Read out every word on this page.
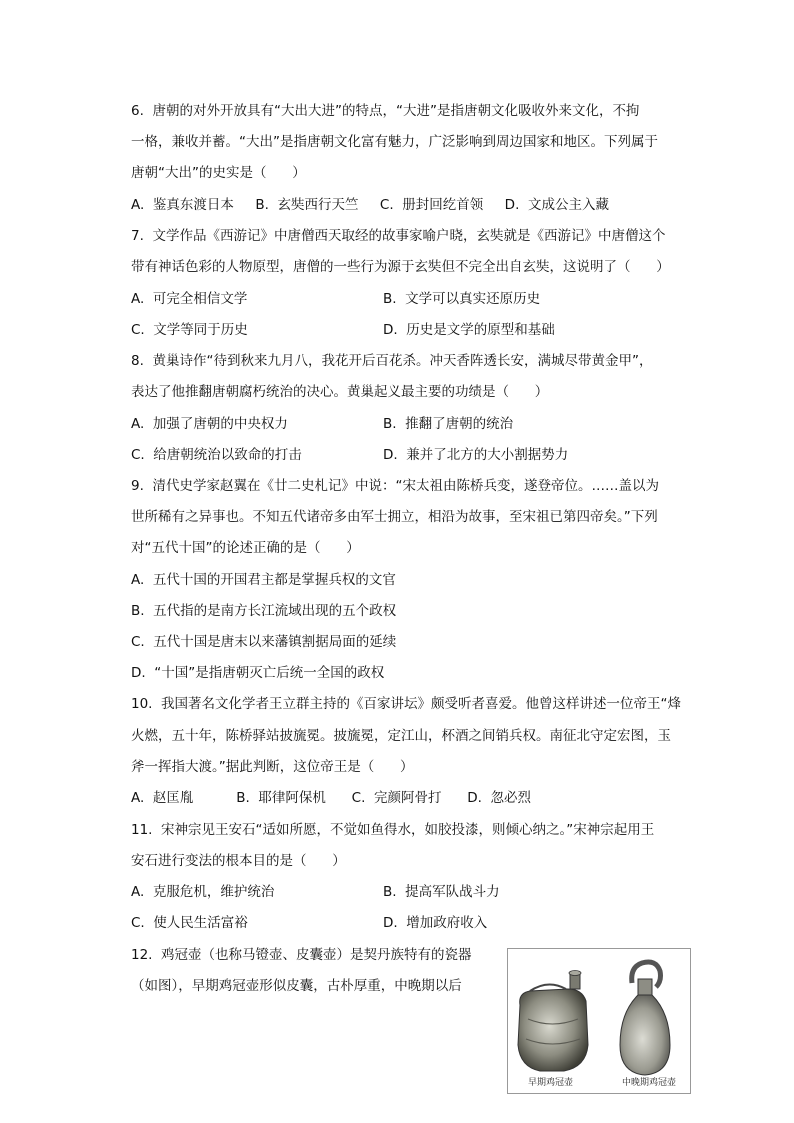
6.  唐朝的对外开放具有“大出大进”的特点，“大进”是指唐朝文化吸收外来文化，不拘
一格，兼收并蓄。“大出”是指唐朝文化富有魅力，广泛影响到周边国家和地区。下列属于
唐朝“大出”的史实是（      ）
A.  鉴真东渡日本     B.  玄奘西行天竺     C.  册封回纥首领     D.  文成公主入藏
7.  文学作品《西游记》中唐僧西天取经的故事家喻户晓，玄奘就是《西游记》中唐僧这个
带有神话色彩的人物原型，唐僧的一些行为源于玄奘但不完全出自玄奘，这说明了（      ）
A.  可完全相信文学	B.  文学可以真实还原历史
C.  文学等同于历史	D.  历史是文学的原型和基础
8.  黄巢诗作“待到秋来九月八，我花开后百花杀。冲天香阵透长安，满城尽带黄金甲”，
表达了他推翻唐朝腐朽统治的决心。黄巢起义最主要的功绩是（      ）
A.  加强了唐朝的中央权力	B.  推翻了唐朝的统治
C.  给唐朝统治以致命的打击	D.  兼并了北方的大小割据势力
9.  清代史学家赵翼在《廿二史札记》中说：“宋太祖由陈桥兵变，遂登帝位。……盖以为
世所稀有之异事也。不知五代诸帝多由军士拥立，相沿为故事，至宋祖已第四帝矣。”下列
对“五代十国”的论述正确的是（      ）
A.  五代十国的开国君主都是掌握兵权的文官
B.  五代指的是南方长江流域出现的五个政权
C.  五代十国是唐末以来藩镇割据局面的延续
D.  “十国”是指唐朝灭亡后统一全国的政权
10.  我国著名文化学者王立群主持的《百家讲坛》颇受听者喜爱。他曾这样讲述一位帝王“烽
火燃，五十年，陈桥驿站披旒冕。披旒冕，定江山，杯酒之间销兵权。南征北守定宏图，玉
斧一挥指大渡。”据此判断，这位帝王是（      ）
A.  赵匡胤          B.  耶律阿保机      C.  完颜阿骨打      D.  忽必烈
11.  宋神宗见王安石“适如所愿，不觉如鱼得水，如胶投漆，则倾心纳之。”宋神宗起用王
安石进行变法的根本目的是（      ）
A.  克服危机，维护统治	B.  提高军队战斗力
C.  使人民生活富裕	D.  增加政府收入
12.  鸡冠壶（也称马镫壶、皮囊壶）是契丹族特有的瓷器
（如图），早期鸡冠壶形似皮囊，古朴厚重，中晚期以后
早期鸡冠壶	中晚期鸡冠壶
